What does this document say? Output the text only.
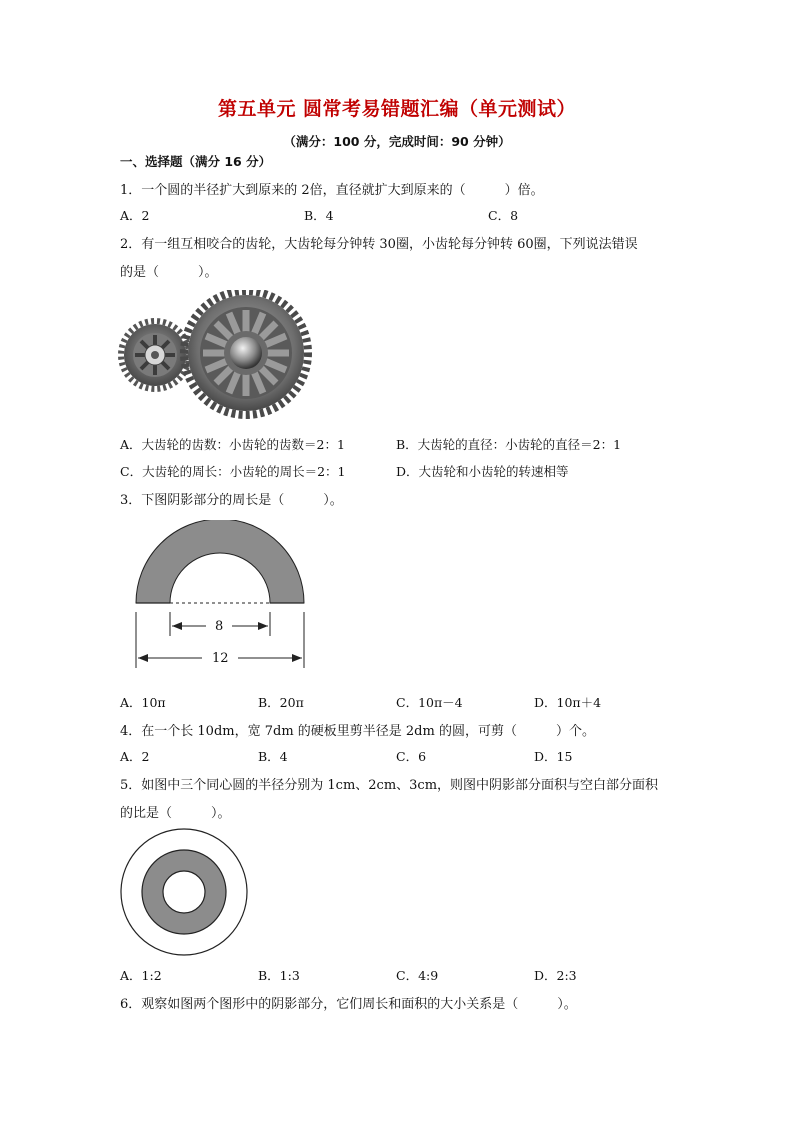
第五单元 圆常考易错题汇编（单元测试）
（满分：100 分，完成时间：90 分钟）
一、选择题（满分 16 分）
1．一个圆的半径扩大到原来的 2倍，直径就扩大到原来的（　　　）倍。
A．2	B．4	C．8
2．有一组互相咬合的齿轮，大齿轮每分钟转 30圈，小齿轮每分钟转 60圈，下列说法错误
的是（　　　）。
A．大齿轮的齿数：小齿轮的齿数＝2：1	B．大齿轮的直径：小齿轮的直径＝2：1
C．大齿轮的周长：小齿轮的周长＝2：1	D．大齿轮和小齿轮的转速相等
3．下图阴影部分的周长是（　　　）。
8
12
A．10π	B．20π	C．10π－4	D．10π＋4
4．在一个长 10dm，宽 7dm 的硬板里剪半径是 2dm 的圆，可剪（　　　）个。
A．2	B．4	C．6	D．15
5．如图中三个同心圆的半径分别为 1cm、2cm、3cm，则图中阴影部分面积与空白部分面积
的比是（　　　）。
A．1:2	B．1:3	C．4:9	D．2:3
6．观察如图两个图形中的阴影部分，它们周长和面积的大小关系是（　　　）。
